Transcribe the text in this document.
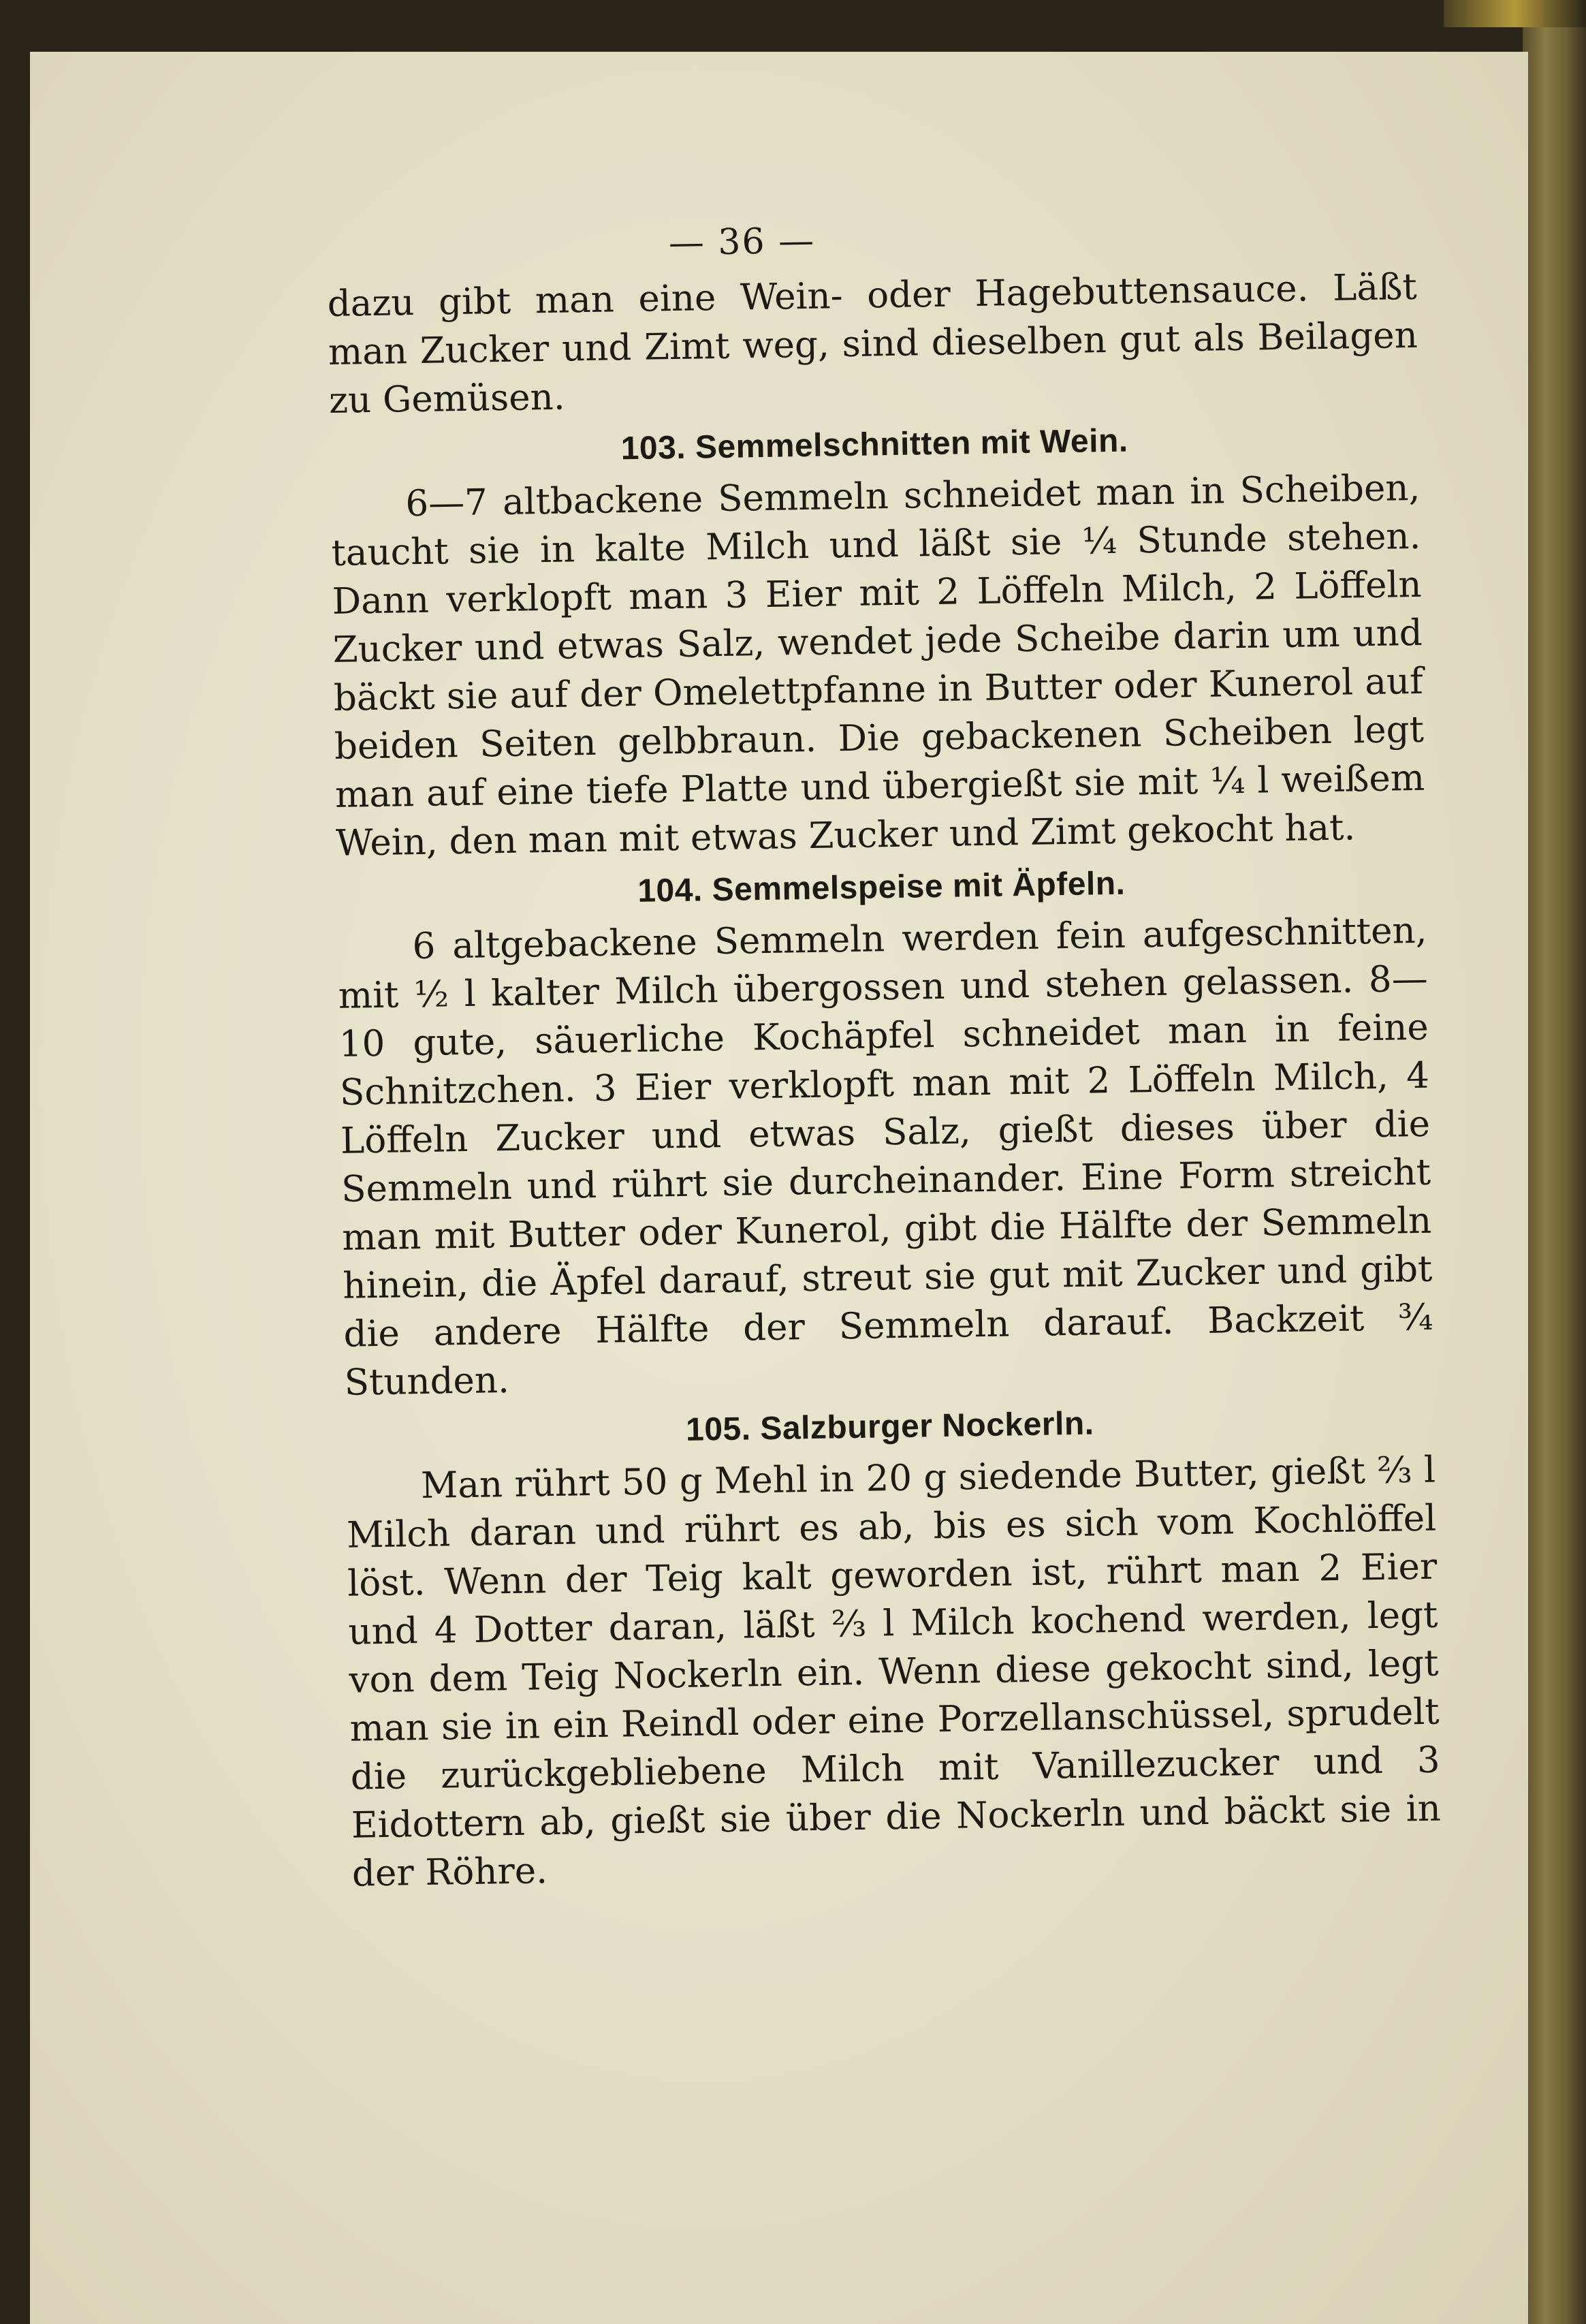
— 36 —

dazu gibt man eine Wein- oder Hagebuttensauce. Läßt man Zucker und Zimt weg, sind dieselben gut als Beilagen zu Gemüsen.

103. Semmelschnitten mit Wein.

6—7 altbackene Semmeln schneidet man in Scheiben, taucht sie in kalte Milch und läßt sie ¼ Stunde stehen. Dann verklopft man 3 Eier mit 2 Löffeln Milch, 2 Löffeln Zucker und etwas Salz, wendet jede Scheibe darin um und bäckt sie auf der Omelettpfanne in Butter oder Kunerol auf beiden Seiten gelbbraun. Die gebackenen Scheiben legt man auf eine tiefe Platte und übergießt sie mit ¼ l weißem Wein, den man mit etwas Zucker und Zimt gekocht hat.

104. Semmelspeise mit Äpfeln.

6 altgebackene Semmeln werden fein aufgeschnitten, mit ½ l kalter Milch übergossen und stehen gelassen. 8—10 gute, säuerliche Kochäpfel schneidet man in feine Schnitzchen. 3 Eier verklopft man mit 2 Löffeln Milch, 4 Löffeln Zucker und etwas Salz, gießt dieses über die Semmeln und rührt sie durcheinander. Eine Form streicht man mit Butter oder Kunerol, gibt die Hälfte der Semmeln hinein, die Äpfel darauf, streut sie gut mit Zucker und gibt die andere Hälfte der Semmeln darauf. Backzeit ¾ Stunden.

105. Salzburger Nockerln.

Man rührt 50 g Mehl in 20 g siedende Butter, gießt ⅔ l Milch daran und rührt es ab, bis es sich vom Kochlöffel löst. Wenn der Teig kalt geworden ist, rührt man 2 Eier und 4 Dotter daran, läßt ⅔ l Milch kochend werden, legt von dem Teig Nockerln ein. Wenn diese gekocht sind, legt man sie in ein Reindl oder eine Porzellanschüssel, sprudelt die zurückgebliebene Milch mit Vanillezucker und 3 Eidottern ab, gießt sie über die Nockerln und bäckt sie in der Röhre.
